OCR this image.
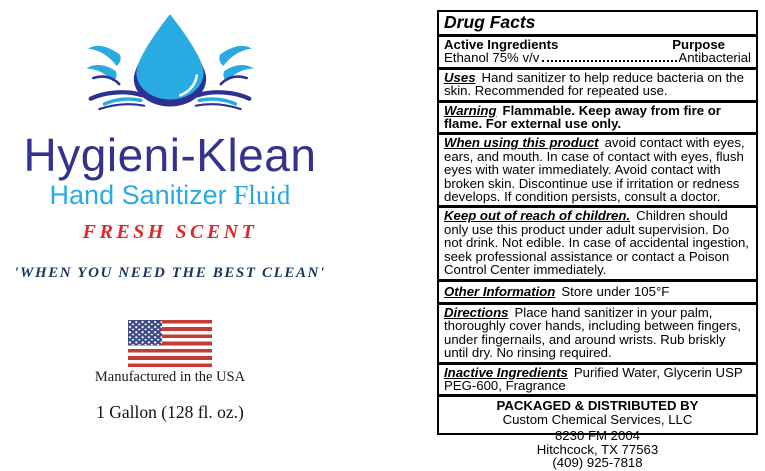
Hygieni-Klean
Hand Sanitizer Fluid
FRESH SCENT
'WHEN YOU NEED THE BEST CLEAN'
Manufactured in the USA
1 Gallon (128 fl. oz.)
Drug Facts
Active Ingredients	Purpose
Ethanol 75% v/v	Antibacterial
Uses Hand sanitizer to help reduce bacteria on the skin. Recommended for repeated use.
Warning Flammable. Keep away from fire or flame. For external use only.
When using this product avoid contact with eyes, ears, and mouth. In case of contact with eyes, flush eyes with water immediately. Avoid contact with broken skin. Discontinue use if irritation or redness develops. If condition persists, consult a doctor.
Keep out of reach of children. Children should only use this product under adult supervision. Do not drink. Not edible. In case of accidental ingestion, seek professional assistance or contact a Poison Control Center immediately.
Other Information Store under 105°F
Directions Place hand sanitizer in your palm, thoroughly cover hands, including between fingers, under fingernails, and around wrists. Rub briskly until dry. No rinsing required.
Inactive Ingredients Purified Water, Glycerin USP PEG-600, Fragrance
PACKAGED & DISTRIBUTED BY
Custom Chemical Services, LLC
8230 FM 2004
Hitchcock, TX 77563
(409) 925-7818
